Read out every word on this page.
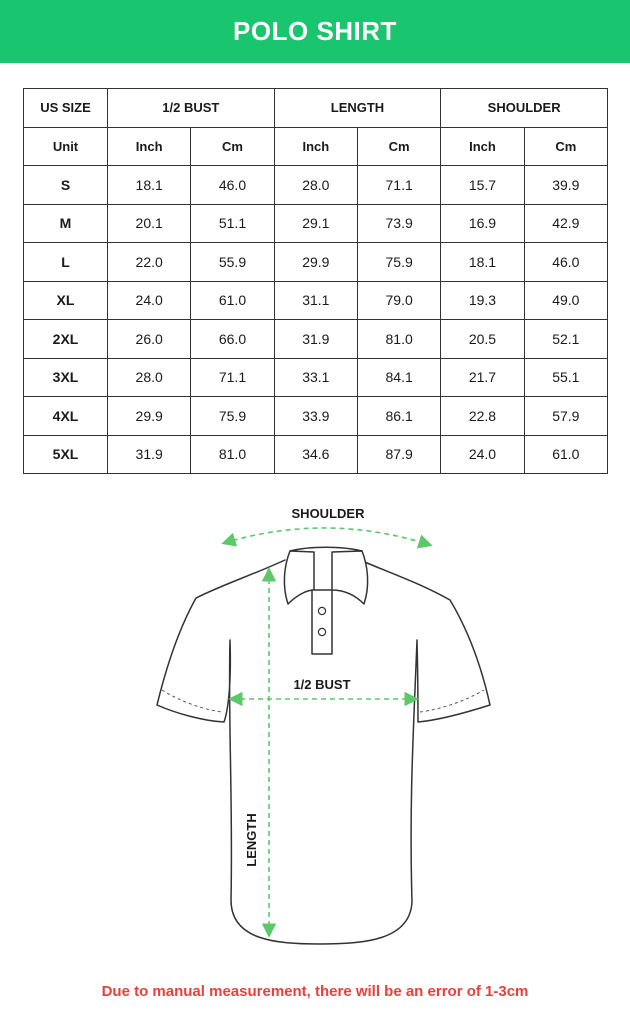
POLO SHIRT
US SIZE	1/2 BUST		LENGTH		SHOULDER	
Unit	Inch	Cm	Inch	Cm	Inch	Cm
S	18.1	46.0	28.0	71.1	15.7	39.9
M	20.1	51.1	29.1	73.9	16.9	42.9
L	22.0	55.9	29.9	75.9	18.1	46.0
XL	24.0	61.0	31.1	79.0	19.3	49.0
2XL	26.0	66.0	31.9	81.0	20.5	52.1
3XL	28.0	71.1	33.1	84.1	21.7	55.1
4XL	29.9	75.9	33.9	86.1	22.8	57.9
5XL	31.9	81.0	34.6	87.9	24.0	61.0
SHOULDER
1/2 BUST
LENGTH
Due to manual measurement, there will be an error of 1-3cm
